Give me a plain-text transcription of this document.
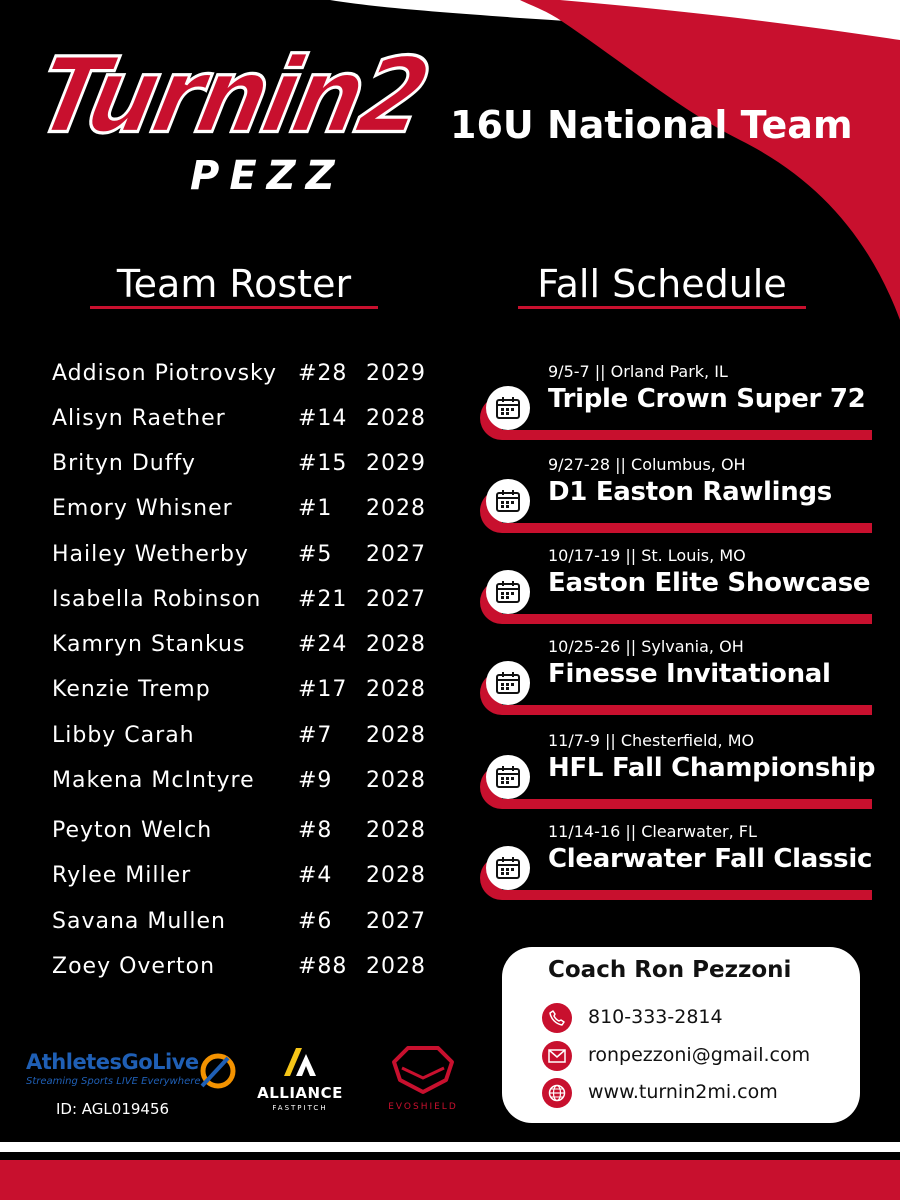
Turnin2
PEZZ
16U National Team
Team Roster	Fall Schedule
Addison Piotrovsky #28 2029
Alisyn Raether	#14 2028
Brityn Duffy	#15 2029
Emory Whisner	#1 2028
Hailey Wetherby #5 2027
Isabella Robinson #21 2027
Kamryn Stankus #24 2028
Kenzie Tremp	#17 2028
Libby Carah	#7 2028
Makena McIntyre #9 2028
Peyton Welch	#8 2028
Rylee Miller	#4 2028
Savana Mullen	#6 2027
Zoey Overton	#88 2028
9/5-7 || Orland Park, IL
Triple Crown Super 72
9/27-28 || Columbus, OH
D1 Easton Rawlings
10/17-19 || St. Louis, MO
Easton Elite Showcase
10/25-26 || Sylvania, OH
Finesse Invitational
11/7-9 || Chesterfield, MO
HFL Fall Championship
11/14-16 || Clearwater, FL
Clearwater Fall Classic
Coach Ron Pezzoni
810-333-2814
ronpezzoni@gmail.com
www.turnin2mi.com
AthletesGoLive
Streaming Sports LIVE Everywhere
ID: AGL019456
ALLIANCE
FASTPITCH	EVOSHIELD
